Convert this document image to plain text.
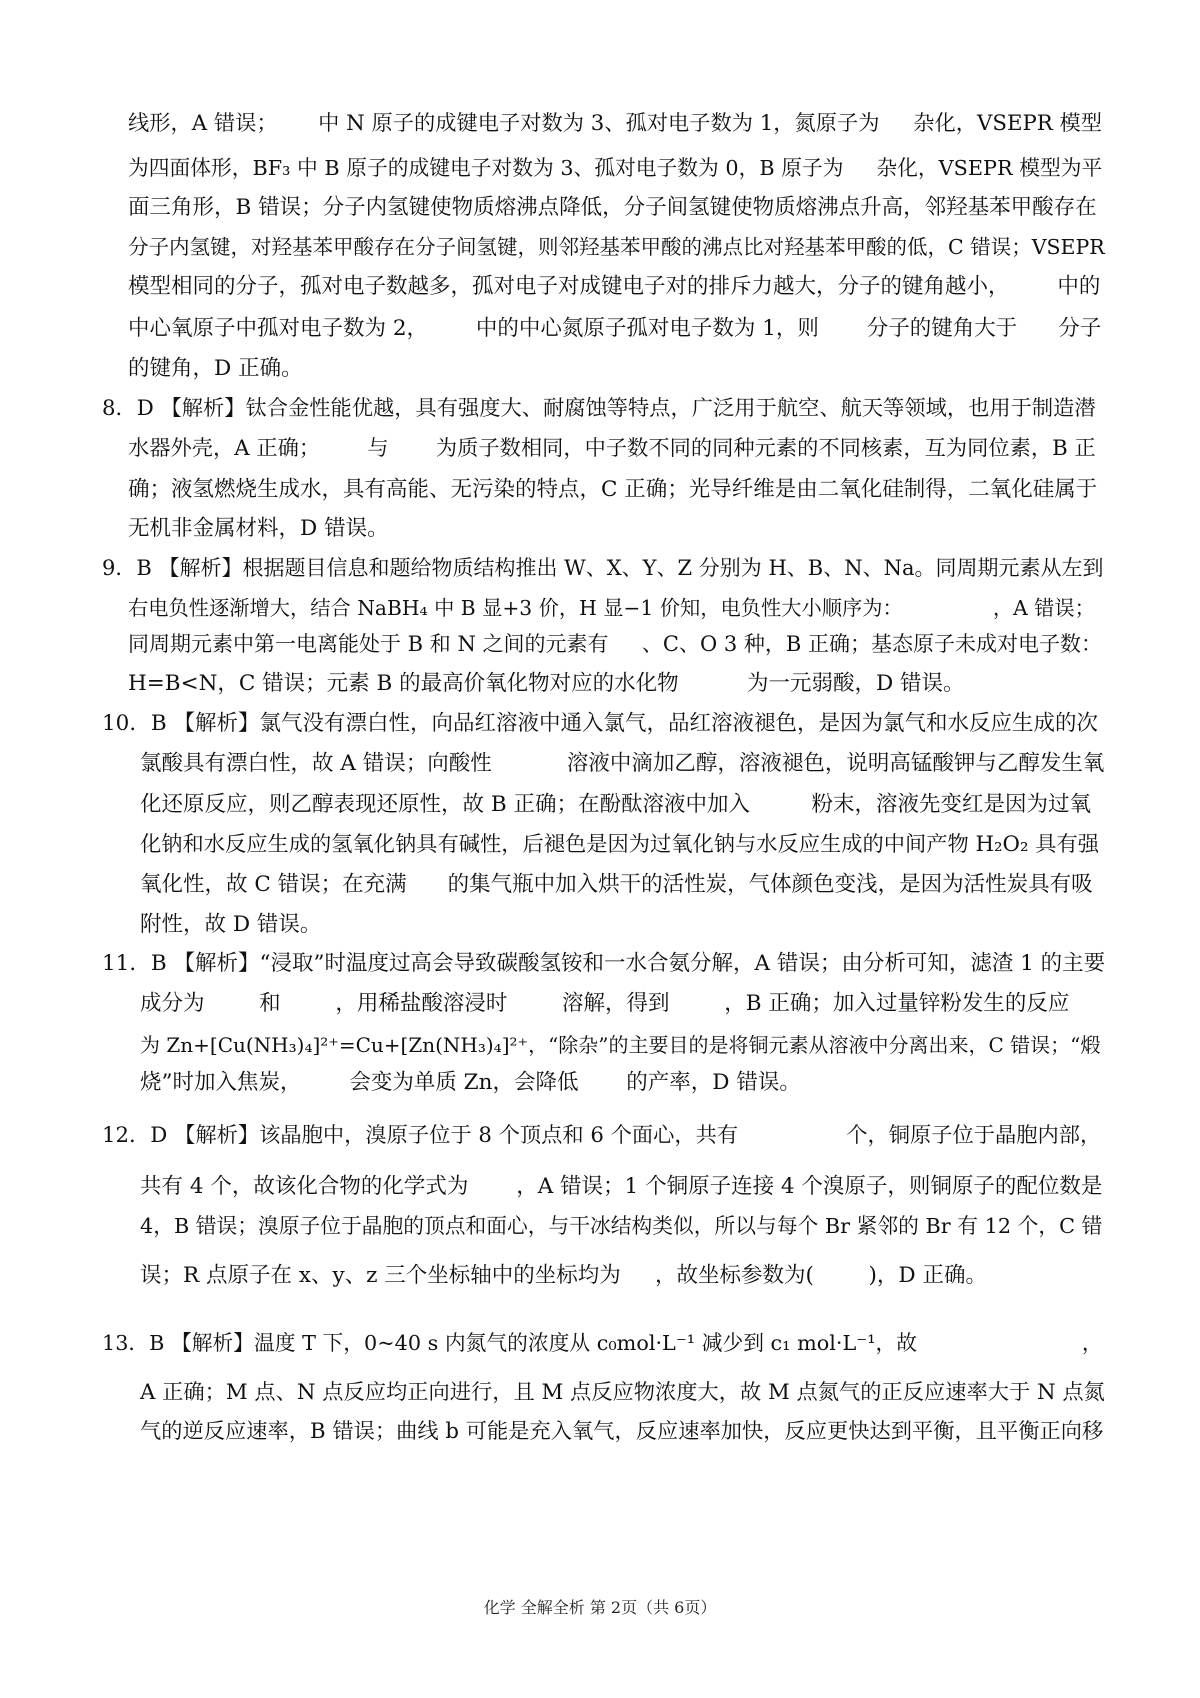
线形，A 错误；      中 N 原子的成键电子对数为 3、孤对电子数为 1，氮原子为     杂化，VSEPR 模型
为四面体形，BF₃ 中 B 原子的成键电子对数为 3、孤对电子数为 0，B 原子为     杂化，VSEPR 模型为平
面三角形，B 错误；分子内氢键使物质熔沸点降低，分子间氢键使物质熔沸点升高，邻羟基苯甲酸存在
分子内氢键，对羟基苯甲酸存在分子间氢键，则邻羟基苯甲酸的沸点比对羟基苯甲酸的低，C 错误；VSEPR
模型相同的分子，孤对电子数越多，孤对电子对成键电子对的排斥力越大，分子的键角越小，       中的
中心氧原子中孤对电子数为 2，       中的中心氮原子孤对电子数为 1，则       分子的键角大于      分子
的键角，D 正确。
8．D 【解析】钛合金性能优越，具有强度大、耐腐蚀等特点，广泛用于航空、航天等领域，也用于制造潜
水器外壳，A 正确；       与       为质子数相同，中子数不同的同种元素的不同核素，互为同位素，B 正
确；液氢燃烧生成水，具有高能、无污染的特点，C 正确；光导纤维是由二氧化硅制得，二氧化硅属于
无机非金属材料，D 错误。
9．B 【解析】根据题目信息和题给物质结构推出 W、X、Y、Z 分别为 H、B、N、Na。同周期元素从左到
右电负性逐渐增大，结合 NaBH₄ 中 B 显+3 价，H 显−1 价知，电负性大小顺序为：              ，A 错误；
同周期元素中第一电离能处于 B 和 N 之间的元素有     、C、O 3 种，B 正确；基态原子未成对电子数：
H=B<N，C 错误；元素 B 的最高价氧化物对应的水化物          为一元弱酸，D 错误。
10．B 【解析】氯气没有漂白性，向品红溶液中通入氯气，品红溶液褪色，是因为氯气和水反应生成的次
氯酸具有漂白性，故 A 错误；向酸性           溶液中滴加乙醇，溶液褪色，说明高锰酸钾与乙醇发生氧
化还原反应，则乙醇表现还原性，故 B 正确；在酚酞溶液中加入         粉末，溶液先变红是因为过氧
化钠和水反应生成的氢氧化钠具有碱性，后褪色是因为过氧化钠与水反应生成的中间产物 H₂O₂ 具有强
氧化性，故 C 错误；在充满      的集气瓶中加入烘干的活性炭，气体颜色变浅，是因为活性炭具有吸
附性，故 D 错误。
11．B 【解析】“浸取”时温度过高会导致碳酸氢铵和一水合氨分解，A 错误；由分析可知，滤渣 1 的主要
成分为        和        ，用稀盐酸溶浸时        溶解，得到        ，B 正确；加入过量锌粉发生的反应
为 Zn+[Cu(NH₃)₄]²⁺=Cu+[Zn(NH₃)₄]²⁺，“除杂”的主要目的是将铜元素从溶液中分离出来，C 错误；“煅
烧”时加入焦炭，       会变为单质 Zn，会降低       的产率，D 错误。
12．D 【解析】该晶胞中，溴原子位于 8 个顶点和 6 个面心，共有                个，铜原子位于晶胞内部，
共有 4 个，故该化合物的化学式为       ，A 错误；1 个铜原子连接 4 个溴原子，则铜原子的配位数是
4，B 错误；溴原子位于晶胞的顶点和面心，与干冰结构类似，所以与每个 Br 紧邻的 Br 有 12 个，C 错
误；R 点原子在 x、y、z 三个坐标轴中的坐标均为     ，故坐标参数为(        )，D 正确。
13．B 【解析】温度 T 下，0~40 s 内氮气的浓度从 c₀mol·L⁻¹ 减少到 c₁ mol·L⁻¹，故                         ，
A 正确；M 点、N 点反应均正向进行，且 M 点反应物浓度大，故 M 点氮气的正反应速率大于 N 点氮
气的逆反应速率，B 错误；曲线 b 可能是充入氧气，反应速率加快，反应更快达到平衡，且平衡正向移
化学 全解全析 第 2页（共 6页）
